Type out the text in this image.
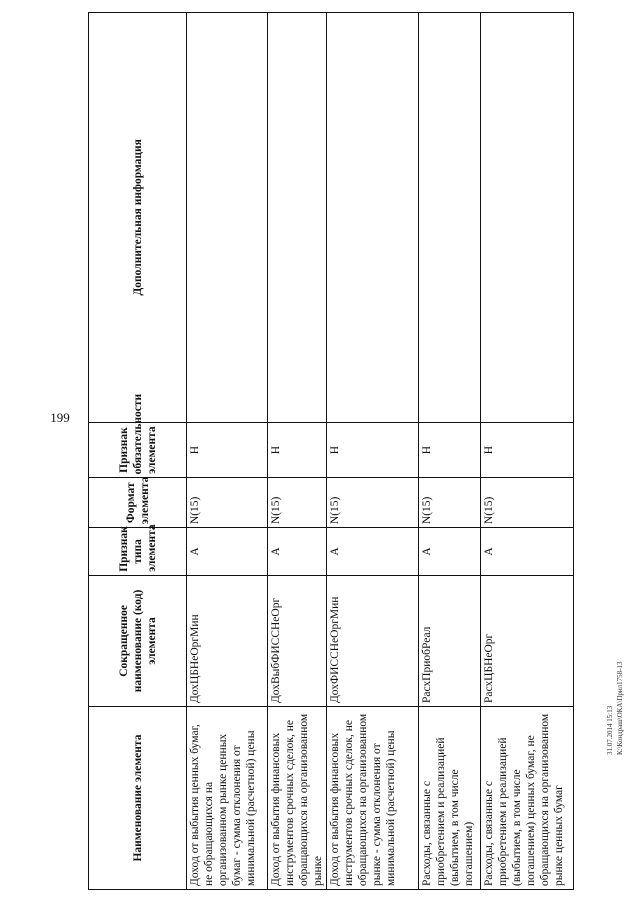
199
31.07.2014 15:13 К:\Кондраш\ОКА\Прил1758-13
Наименование элемента	Сокращенное наименование (код) элемента	Признак типа элемента	Формат элемента	Признак обязательности элемента	Дополнительная информация
Доход от выбытия ценных бумаг, не обращающихся на организованном рынке ценных бумаг - сумма отклонения от минимальной (расчетной) цены	ДохЦБНеОргМин	А	N(15)	Н	
Доход от выбытия финансовых инструментов срочных сделок, не обращающихся на организованном рынке	ДохВыбФИССНеОрг	А	N(15)	Н	
Доход от выбытия финансовых инструментов срочных сделок, не обращающихся на организованном рынке - сумма отклонения от минимальной (расчетной) цены	ДохФИССНеОргМин	А	N(15)	Н	
Расходы, связанные с приобретением и реализацией (выбытием, в том числе погашением)	РасхПриобРеал	А	N(15)	Н	
Расходы, связанные с приобретением и реализацией (выбытием, в том числе погашением) ценных бумаг, не обращающихся на организованном рынке ценных бумаг	РасхЦБНеОрг	А	N(15)	Н	
